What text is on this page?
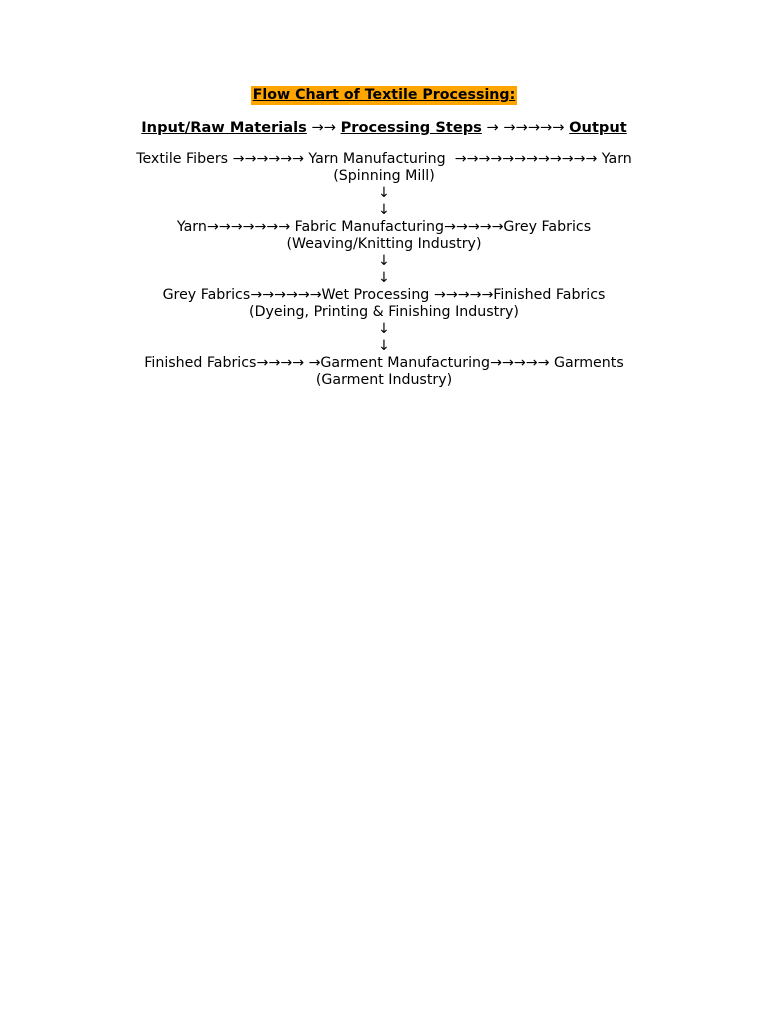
Flow Chart of Textile Processing:
Input/Raw Materials →→ Processing Steps → →→→→→ Output
Textile Fibers →→→→→→ Yarn Manufacturing  →→→→→→→→→→→→ Yarn
(Spinning Mill)
↓
↓
Yarn→→→→→→→ Fabric Manufacturing→→→→→Grey Fabrics
(Weaving/Knitting Industry)
↓
↓
Grey Fabrics→→→→→→Wet Processing →→→→→Finished Fabrics
(Dyeing, Printing & Finishing Industry)
↓
↓
Finished Fabrics→→→→ →Garment Manufacturing→→→→→ Garments
(Garment Industry)
